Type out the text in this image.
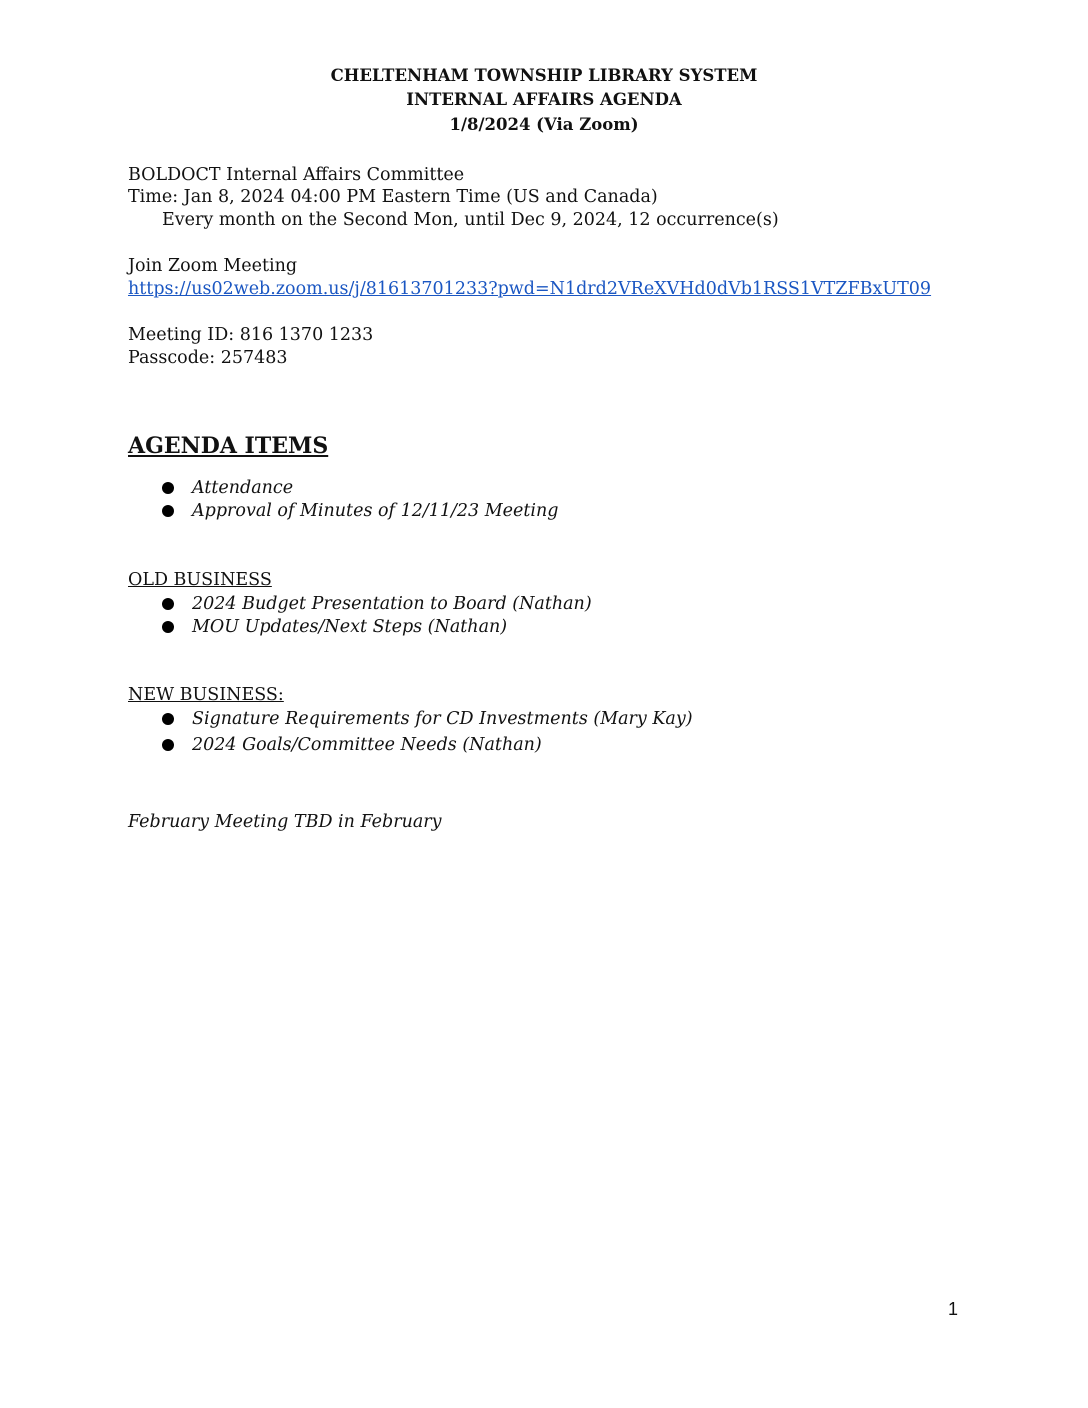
CHELTENHAM TOWNSHIP LIBRARY SYSTEM
INTERNAL AFFAIRS AGENDA
1/8/2024 (Via Zoom)
BOLDOCT Internal Affairs Committee
Time: Jan 8, 2024 04:00 PM Eastern Time (US and Canada)
Every month on the Second Mon, until Dec 9, 2024, 12 occurrence(s)
Join Zoom Meeting
https://us02web.zoom.us/j/81613701233?pwd=N1drd2VReXVHd0dVb1RSS1VTZFBxUT09
Meeting ID: 816 1370 1233
Passcode: 257483
AGENDA ITEMS
Attendance
Approval of Minutes of 12/11/23 Meeting
OLD BUSINESS
2024 Budget Presentation to Board (Nathan)
MOU Updates/Next Steps (Nathan)
NEW BUSINESS:
Signature Requirements for CD Investments (Mary Kay)
2024 Goals/Committee Needs (Nathan)
February Meeting TBD in February
1
